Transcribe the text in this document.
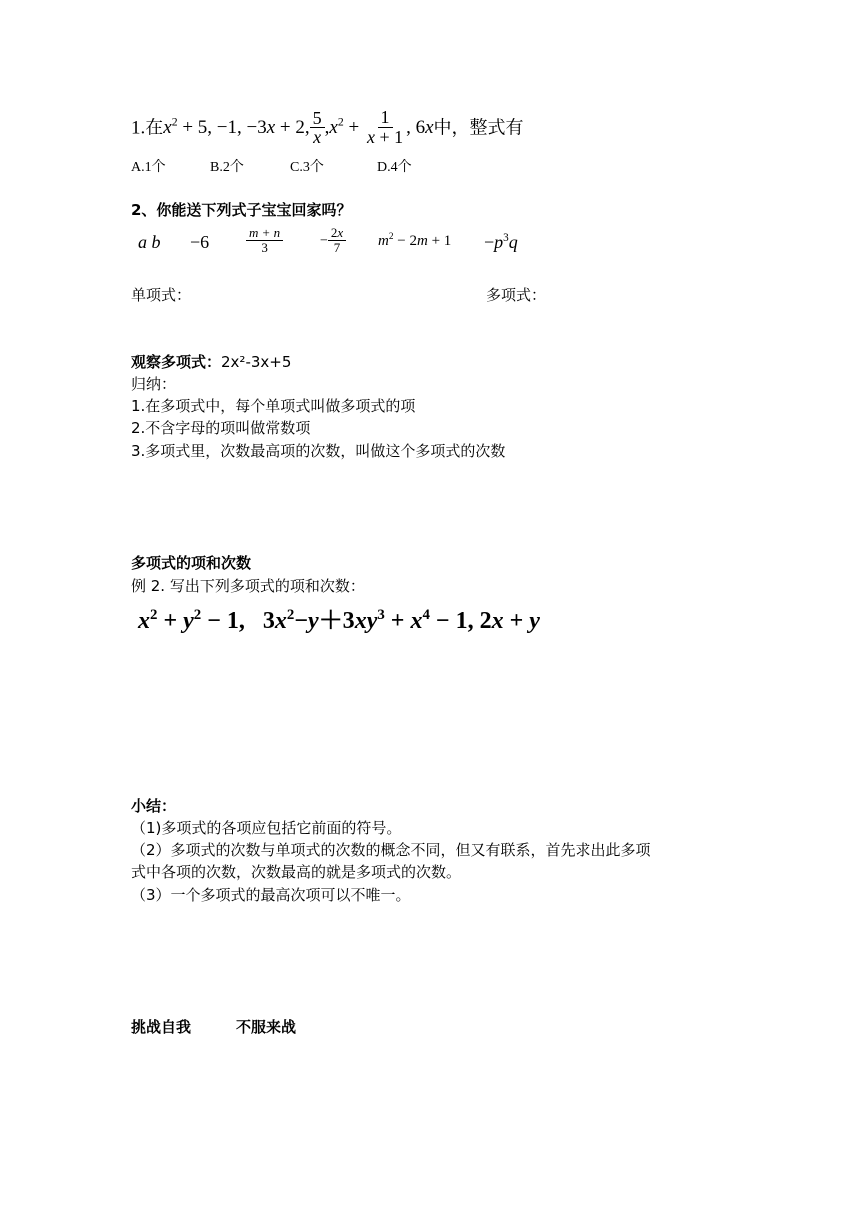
1.在$x^2 + 5$, −1, −3x + 2, $\frac{5}{x} ,x^2 + \frac{1}{x + 1}$ , 6x中，整式有
A.1个	B.2个	C.3个	D.4个
2、你能送下列式子宝宝回家吗？
a b −6	$\frac{m + n}{3}$	− $\frac{2x}{7} m^2 - 2m + 1 -p^3q$
单项式：	多项式：
观察多项式：2x²-3x+5
归纳：
1.在多项式中，每个单项式叫做多项式的项
2.不含字母的项叫做常数项
3.多项式里，次数最高项的次数，叫做这个多项式的次数
多项式的项和次数
例 2. 写出下列多项式的项和次数：
$x^2 + y^2 - 1$,   $3x^2-y+3xy^3 + x^4 - 1$, 2x + y
小结：
（1)多项式的各项应包括它前面的符号。
（2）多项式的次数与单项式的次数的概念不同，但又有联系，首先求出此多项
式中各项的次数，次数最高的就是多项式的次数。
（3）一个多项式的最高次项可以不唯一。
挑战自我	不服来战
